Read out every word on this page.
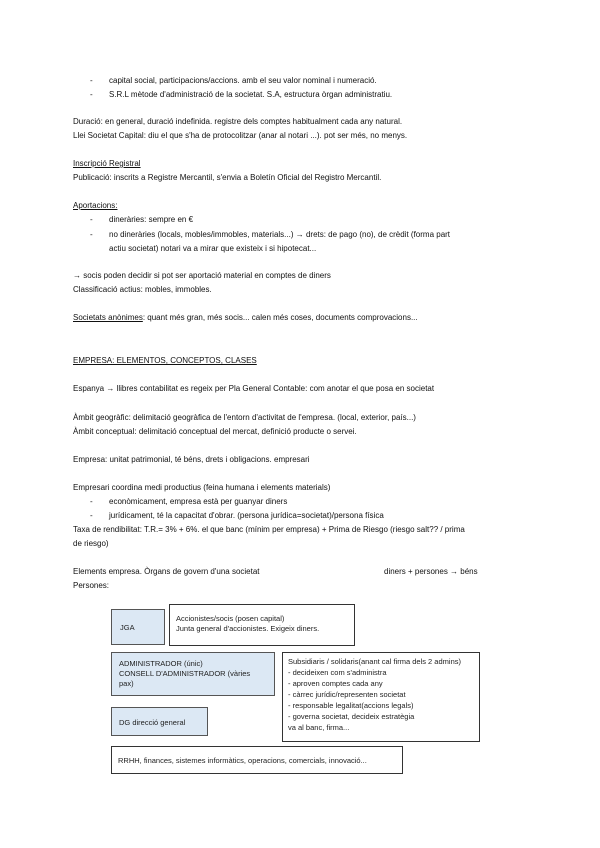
- capital social, participacions/accions. amb el seu valor nominal i numeració.
- S.R.L mètode d'administració de la societat. S.A, estructura òrgan administratiu.
Duració: en general, duració indefinida. registre dels comptes habitualment cada any natural.
Llei Societat Capital: diu el que s'ha de protocolitzar (anar al notari ...). pot ser més, no menys.
Inscripció Registral
Publicació: inscrits a Registre Mercantil, s'envia a Boletín Oficial del Registro Mercantil.
Aportacions:
- dineràries: sempre en €
- no dineràries (locals, mobles/immobles, materials...) → drets: de pago (no), de crèdit (forma part
actiu societat) notari va a mirar que existeix i si hipotecat...
→ socis poden decidir si pot ser aportació material en comptes de diners
Classificació actius: mobles, immobles.
Societats anònimes: quant més gran, més socis... calen més coses, documents comprovacions...
EMPRESA: ELEMENTOS, CONCEPTOS, CLASES
Espanya → llibres contabilitat es regeix per Pla General Contable: com anotar el que posa en societat
Àmbit geogràfic: delimitació geogràfica de l'entorn d'activitat de l'empresa. (local, exterior, país...)
Àmbit conceptual: delimitació conceptual del mercat, definició producte o servei.
Empresa: unitat patrimonial, té béns, drets i obligacions. empresari
Empresari coordina medi productius (feina humana i elements materials)
- econòmicament, empresa està per guanyar diners
- jurídicament, té la capacitat d'obrar. (persona jurídica=societat)/persona física
Taxa de rendibilitat: T.R.= 3% + 6%. el que banc (mínim per empresa) + Prima de Riesgo (riesgo salt?? / prima
de riesgo)
Elements empresa. Òrgans de govern d'una societat	diners + persones → béns
Persones:
JGA
Accionistes/socis (posen capital)
Junta general d'accionistes. Exigeix diners.
ADMINISTRADOR (únic)
CONSELL D'ADMINISTRADOR (vàries
pax)
Subsidiaris / solidaris(anant cal firma dels 2 admins)
- decideixen com s'administra
- aproven comptes cada any
- càrrec jurídic/representen societat
- responsable legalitat(accions legals)
- governa societat, decideix estratègia
va al banc, firma...
DG direcció general
RRHH, finances, sistemes informàtics, operacions, comercials, innovació...
